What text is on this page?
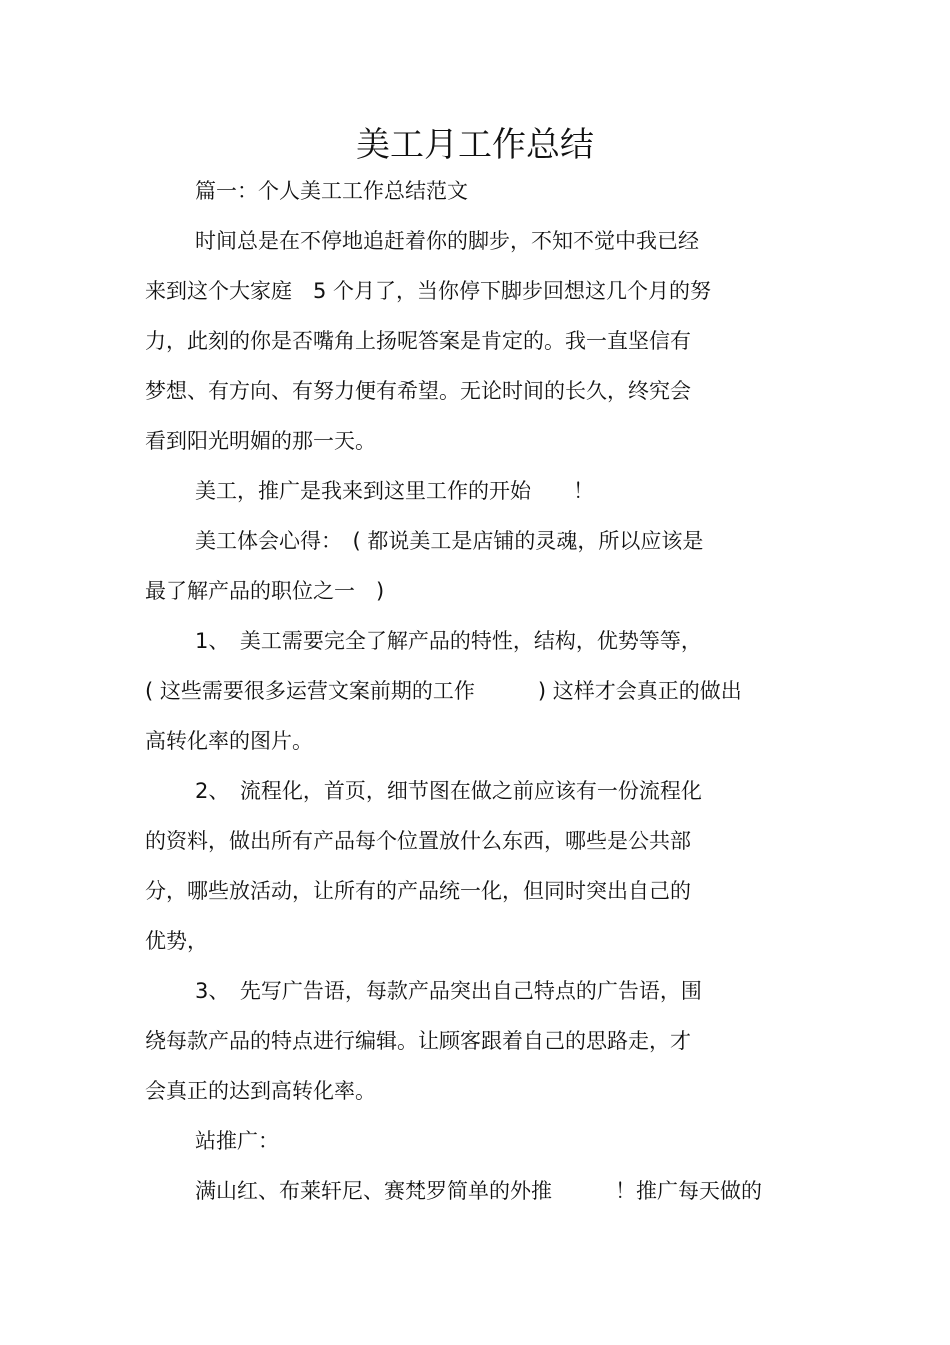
美工月工作总结
篇一：个人美工工作总结范文
时间总是在不停地追赶着你的脚步，不知不觉中我已经
来到这个大家庭　5 个月了，当你停下脚步回想这几个月的努
力，此刻的你是否嘴角上扬呢答案是肯定的。我一直坚信有
梦想、有方向、有努力便有希望。无论时间的长久，终究会
看到阳光明媚的那一天。
美工，推广是我来到这里工作的开始　　！
美工体会心得：　( 都说美工是店铺的灵魂，所以应该是
最了解产品的职位之一　)
1、　美工需要完全了解产品的特性，结构，优势等等，
( 这些需要很多运营文案前期的工作　　　) 这样才会真正的做出
高转化率的图片。
2、　流程化，首页，细节图在做之前应该有一份流程化
的资料，做出所有产品每个位置放什么东西，哪些是公共部
分，哪些放活动，让所有的产品统一化，但同时突出自己的
优势，
3、　先写广告语，每款产品突出自己特点的广告语，围
绕每款产品的特点进行编辑。让顾客跟着自己的思路走，才
会真正的达到高转化率。
站推广：
满山红、布莱轩尼、赛梵罗简单的外推　　　！推广每天做的
